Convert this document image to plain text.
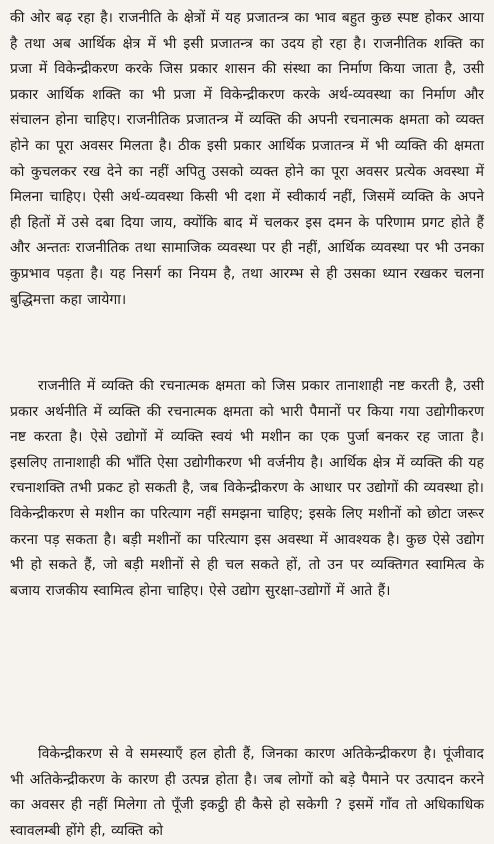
की ओर बढ़ रहा है। राजनीति के क्षेत्रों में यह प्रजातन्त्र का भाव बहुत कुछ स्पष्ट होकर आया है तथा अब आर्थिक क्षेत्र में भी इसी प्रजातन्त्र का उदय हो रहा है। राजनीतिक शक्ति का प्रजा में विकेन्द्रीकरण करके जिस प्रकार शासन की संस्था का निर्माण किया जाता है, उसी प्रकार आर्थिक शक्ति का भी प्रजा में विकेन्द्रीकरण करके अर्थ-व्यवस्था का निर्माण और संचालन होना चाहिए। राजनीतिक प्रजातन्त्र में व्यक्ति की अपनी रचनात्मक क्षमता को व्यक्त होने का पूरा अवसर मिलता है। ठीक इसी प्रकार आर्थिक प्रजातन्त्र में भी व्यक्ति की क्षमता को कुचलकर रख देने का नहीं अपितु उसको व्यक्त होने का पूरा अवसर प्रत्येक अवस्था में मिलना चाहिए। ऐसी अर्थ-व्यवस्था किसी भी दशा में स्वीकार्य नहीं, जिसमें व्यक्ति के अपने ही हितों में उसे दबा दिया जाय, क्योंकि बाद में चलकर इस दमन के परिणाम प्रगट होते हैं और अन्ततः राजनीतिक तथा सामाजिक व्यवस्था पर ही नहीं, आर्थिक व्यवस्था पर भी उनका कुप्रभाव पड़ता है। यह निसर्ग का नियम है, तथा आरम्भ से ही उसका ध्यान रखकर चलना बुद्धिमत्ता कहा जायेगा।

राजनीति में व्यक्ति की रचनात्मक क्षमता को जिस प्रकार तानाशाही नष्ट करती है, उसी प्रकार अर्थनीति में व्यक्ति की रचनात्मक क्षमता को भारी पैमानों पर किया गया उद्योगीकरण नष्ट करता है। ऐसे उद्योगों में व्यक्ति स्वयं भी मशीन का एक पुर्जा बनकर रह जाता है। इसलिए तानाशाही की भाँति ऐसा उद्योगीकरण भी वर्जनीय है। आर्थिक क्षेत्र में व्यक्ति की यह रचनाशक्ति तभी प्रकट हो सकती है, जब विकेन्द्रीकरण के आधार पर उद्योगों की व्यवस्था हो। विकेन्द्रीकरण से मशीन का परित्याग नहीं समझना चाहिए; इसके लिए मशीनों को छोटा जरूर करना पड़ सकता है। बड़ी मशीनों का परित्याग इस अवस्था में आवश्यक है। कुछ ऐसे उद्योग भी हो सकते हैं, जो बड़ी मशीनों से ही चल सकते हों, तो उन पर व्यक्तिगत स्वामित्व के बजाय राजकीय स्वामित्व होना चाहिए। ऐसे उद्योग सुरक्षा-उद्योगों में आते हैं।

विकेन्द्रीकरण से वे समस्याएँ हल होती हैं, जिनका कारण अतिकेन्द्रीकरण है। पूंजीवाद भी अतिकेन्द्रीकरण के कारण ही उत्पन्न होता है। जब लोगों को बड़े पैमाने पर उत्पादन करने का अवसर ही नहीं मिलेगा तो पूँजी इकट्ठी ही कैसे हो सकेगी ? इसमें गाँव तो अधिकाधिक स्वावलम्बी होंगे ही, व्यक्ति को
